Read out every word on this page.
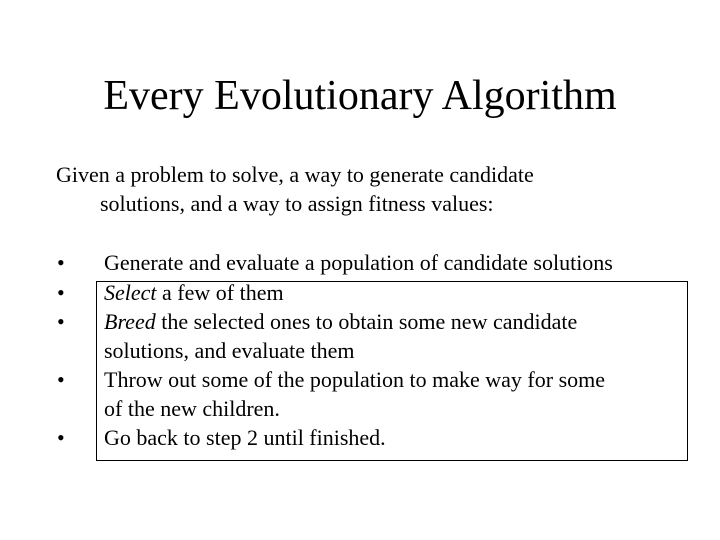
Every Evolutionary Algorithm
Given a problem to solve, a way to generate candidate
solutions, and a way to assign fitness values:
•
•
•
•
•
Generate and evaluate a population of candidate solutions
Select a few of them
Breed the selected ones to obtain some new candidate
solutions, and evaluate them
Throw out some of the population to make way for some
of the new children.
Go back to step 2 until finished.
